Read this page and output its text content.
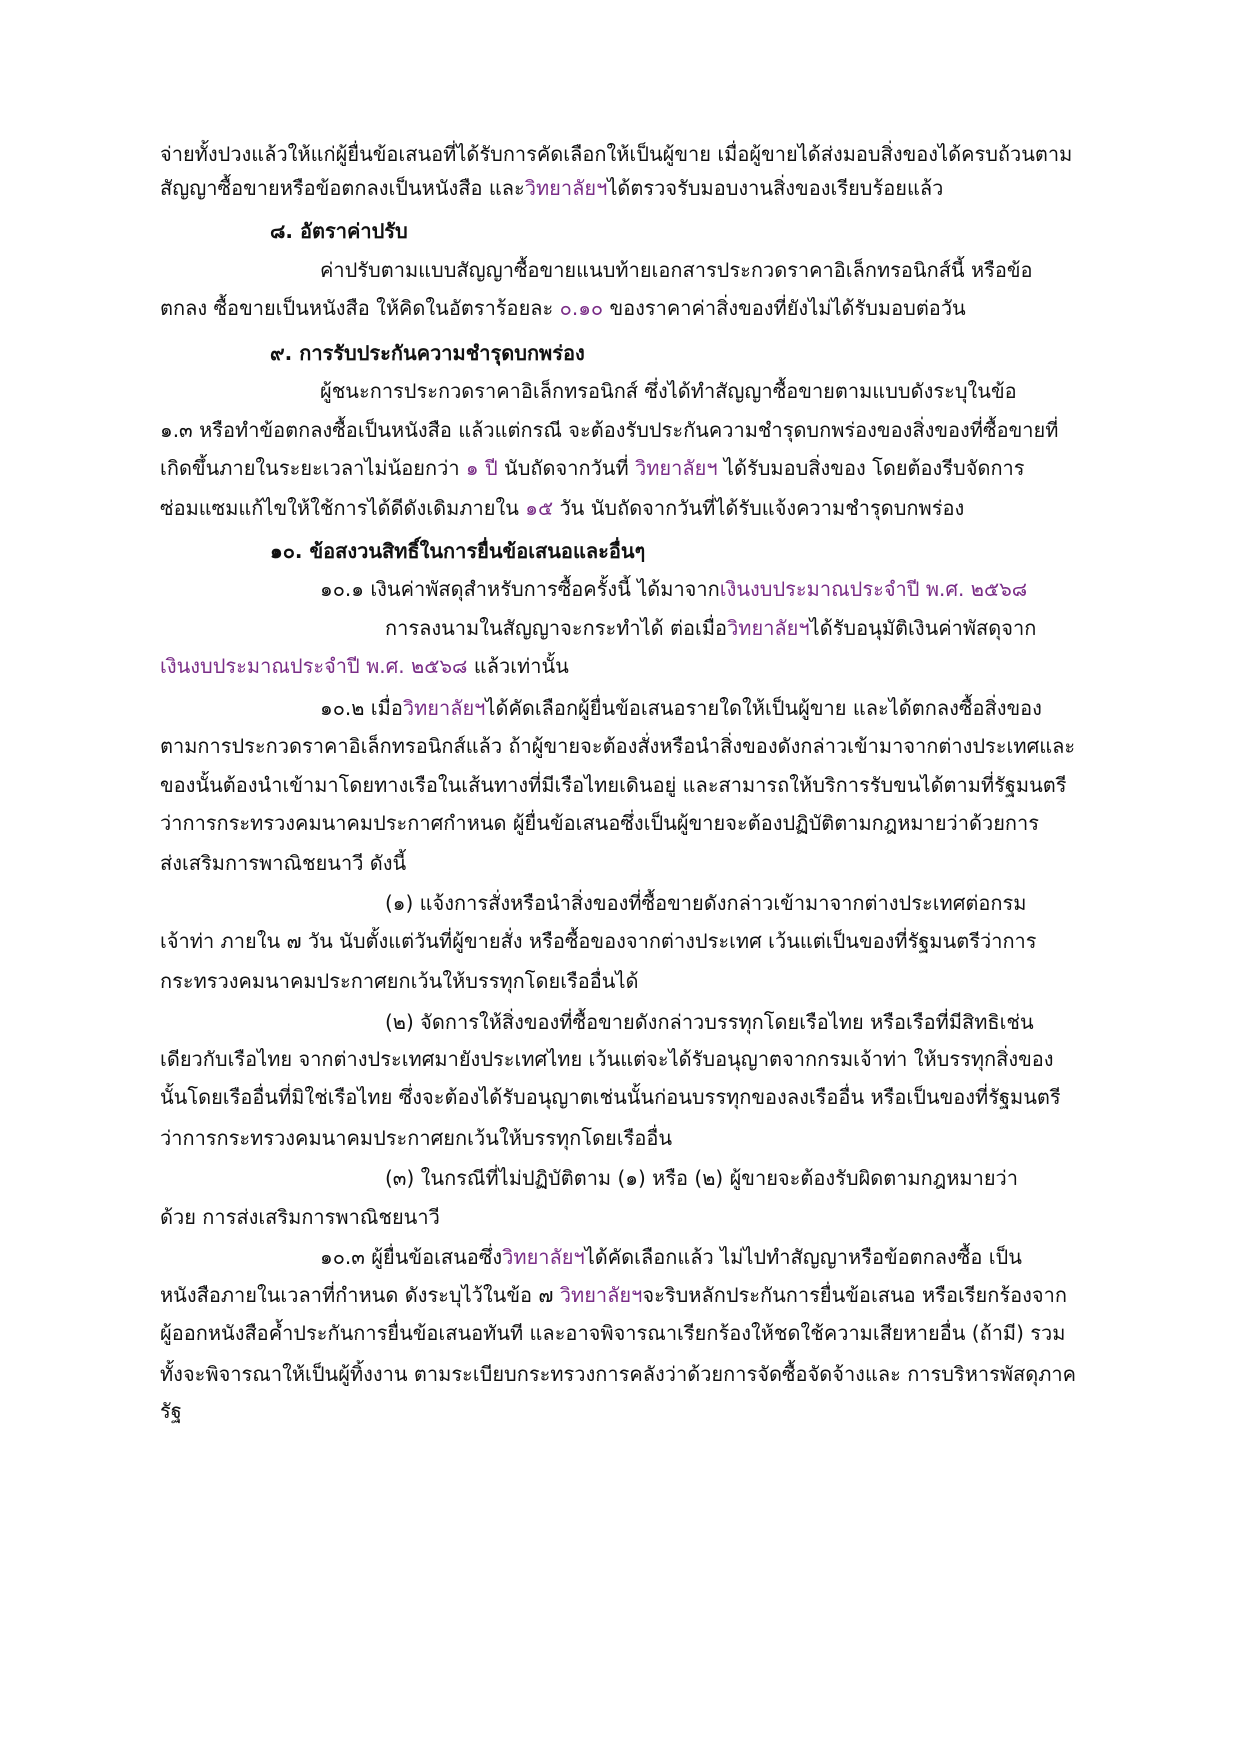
จ่ายทั้งปวงแล้วให้แก่ผู้ยื่นข้อเสนอที่ได้รับการคัดเลือกให้เป็นผู้ขาย เมื่อผู้ขายได้ส่งมอบสิ่งของได้ครบถ้วนตาม
สัญญาซื้อขายหรือข้อตกลงเป็นหนังสือ และวิทยาลัยฯได้ตรวจรับมอบงานสิ่งของเรียบร้อยแล้ว
๘. อัตราค่าปรับ
ค่าปรับตามแบบสัญญาซื้อขายแนบท้ายเอกสารประกวดราคาอิเล็กทรอนิกส์นี้ หรือข้อ
ตกลง ซื้อขายเป็นหนังสือ ให้คิดในอัตราร้อยละ ๐.๑๐ ของราคาค่าสิ่งของที่ยังไม่ได้รับมอบต่อวัน
๙. การรับประกันความชำรุดบกพร่อง
ผู้ชนะการประกวดราคาอิเล็กทรอนิกส์ ซึ่งได้ทำสัญญาซื้อขายตามแบบดังระบุในข้อ
๑.๓ หรือทำข้อตกลงซื้อเป็นหนังสือ แล้วแต่กรณี จะต้องรับประกันความชำรุดบกพร่องของสิ่งของที่ซื้อขายที่
เกิดขึ้นภายในระยะเวลาไม่น้อยกว่า ๑ ปี นับถัดจากวันที่ วิทยาลัยฯ ได้รับมอบสิ่งของ โดยต้องรีบจัดการ
ซ่อมแซมแก้ไขให้ใช้การได้ดีดังเดิมภายใน ๑๕ วัน นับถัดจากวันที่ได้รับแจ้งความชำรุดบกพร่อง
๑๐. ข้อสงวนสิทธิ์ในการยื่นข้อเสนอและอื่นๆ
๑๐.๑ เงินค่าพัสดุสำหรับการซื้อครั้งนี้ ได้มาจากเงินงบประมาณประจำปี พ.ศ. ๒๕๖๘
การลงนามในสัญญาจะกระทำได้ ต่อเมื่อวิทยาลัยฯได้รับอนุมัติเงินค่าพัสดุจาก
เงินงบประมาณประจำปี พ.ศ. ๒๕๖๘ แล้วเท่านั้น
๑๐.๒ เมื่อวิทยาลัยฯได้คัดเลือกผู้ยื่นข้อเสนอรายใดให้เป็นผู้ขาย และได้ตกลงซื้อสิ่งของ
ตามการประกวดราคาอิเล็กทรอนิกส์แล้ว ถ้าผู้ขายจะต้องสั่งหรือนำสิ่งของดังกล่าวเข้ามาจากต่างประเทศและ
ของนั้นต้องนำเข้ามาโดยทางเรือในเส้นทางที่มีเรือไทยเดินอยู่ และสามารถให้บริการรับขนได้ตามที่รัฐมนตรี
ว่าการกระทรวงคมนาคมประกาศกำหนด ผู้ยื่นข้อเสนอซึ่งเป็นผู้ขายจะต้องปฏิบัติตามกฎหมายว่าด้วยการ
ส่งเสริมการพาณิชยนาวี ดังนี้
(๑) แจ้งการสั่งหรือนำสิ่งของที่ซื้อขายดังกล่าวเข้ามาจากต่างประเทศต่อกรม
เจ้าท่า ภายใน ๗ วัน นับตั้งแต่วันที่ผู้ขายสั่ง หรือซื้อของจากต่างประเทศ เว้นแต่เป็นของที่รัฐมนตรีว่าการ
กระทรวงคมนาคมประกาศยกเว้นให้บรรทุกโดยเรืออื่นได้
(๒) จัดการให้สิ่งของที่ซื้อขายดังกล่าวบรรทุกโดยเรือไทย หรือเรือที่มีสิทธิเช่น
เดียวกับเรือไทย จากต่างประเทศมายังประเทศไทย เว้นแต่จะได้รับอนุญาตจากกรมเจ้าท่า ให้บรรทุกสิ่งของ
นั้นโดยเรืออื่นที่มิใช่เรือไทย ซึ่งจะต้องได้รับอนุญาตเช่นนั้นก่อนบรรทุกของลงเรืออื่น หรือเป็นของที่รัฐมนตรี
ว่าการกระทรวงคมนาคมประกาศยกเว้นให้บรรทุกโดยเรืออื่น
(๓) ในกรณีที่ไม่ปฏิบัติตาม (๑) หรือ (๒) ผู้ขายจะต้องรับผิดตามกฎหมายว่า
ด้วย การส่งเสริมการพาณิชยนาวี
๑๐.๓ ผู้ยื่นข้อเสนอซึ่งวิทยาลัยฯได้คัดเลือกแล้ว ไม่ไปทำสัญญาหรือข้อตกลงซื้อ เป็น
หนังสือภายในเวลาที่กำหนด ดังระบุไว้ในข้อ ๗ วิทยาลัยฯจะริบหลักประกันการยื่นข้อเสนอ หรือเรียกร้องจาก
ผู้ออกหนังสือค้ำประกันการยื่นข้อเสนอทันที และอาจพิจารณาเรียกร้องให้ชดใช้ความเสียหายอื่น (ถ้ามี) รวม
ทั้งจะพิจารณาให้เป็นผู้ทิ้งงาน ตามระเบียบกระทรวงการคลังว่าด้วยการจัดซื้อจัดจ้างและ การบริหารพัสดุภาค
รัฐ
